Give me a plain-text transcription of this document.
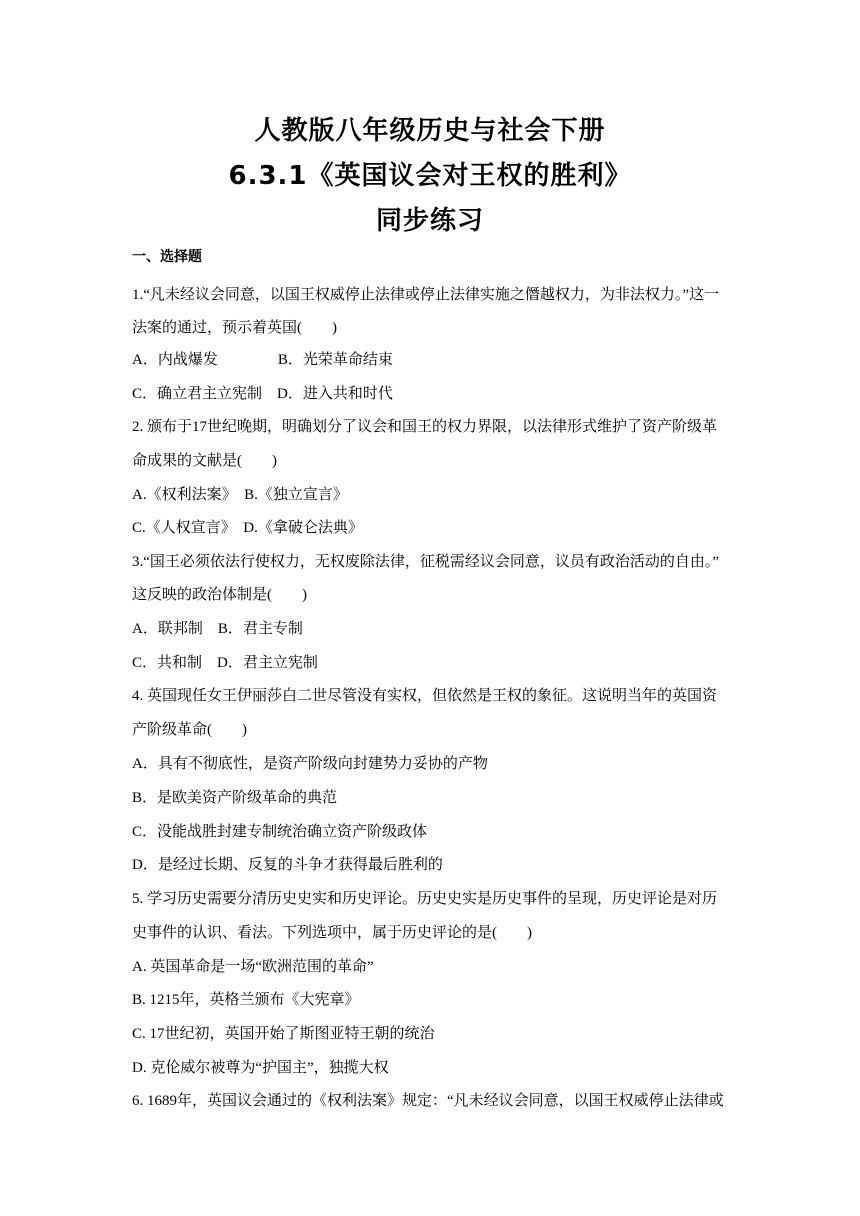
人教版八年级历史与社会下册
6.3.1《英国议会对王权的胜利》
同步练习
一、选择题
1.“凡未经议会同意，以国王权威停止法律或停止法律实施之僭越权力，为非法权力。”这一
法案的通过，预示着英国(　　)
A．内战爆发　　　　B．光荣革命结束
C．确立君主立宪制　D．进入共和时代
2. 颁布于17世纪晚期，明确划分了议会和国王的权力界限，以法律形式维护了资产阶级革
命成果的文献是(　　)
A.《权利法案》　B.《独立宣言》
C.《人权宣言》　D.《拿破仑法典》
3.“国王必须依法行使权力，无权废除法律，征税需经议会同意，议员有政治活动的自由。”
这反映的政治体制是(　　)
A．联邦制　B．君主专制
C．共和制　D．君主立宪制
4. 英国现任女王伊丽莎白二世尽管没有实权，但依然是王权的象征。这说明当年的英国资
产阶级革命(　　)
A．具有不彻底性，是资产阶级向封建势力妥协的产物
B．是欧美资产阶级革命的典范
C．没能战胜封建专制统治确立资产阶级政体
D．是经过长期、反复的斗争才获得最后胜利的
5. 学习历史需要分清历史史实和历史评论。历史史实是历史事件的呈现，历史评论是对历
史事件的认识、看法。下列选项中，属于历史评论的是(　　)
A. 英国革命是一场“欧洲范围的革命”
B. 1215年，英格兰颁布《大宪章》
C. 17世纪初，英国开始了斯图亚特王朝的统治
D. 克伦威尔被尊为“护国主”，独揽大权
6. 1689年，英国议会通过的《权利法案》规定：“凡未经议会同意，以国王权威停止法律或
